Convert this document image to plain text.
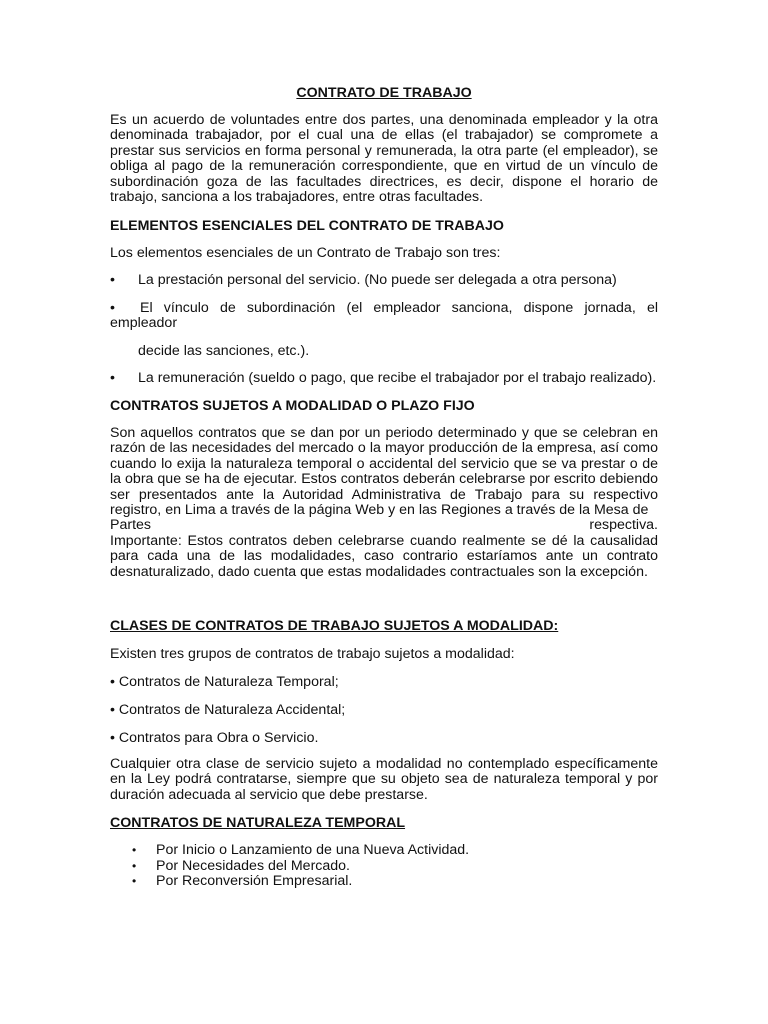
CONTRATO DE TRABAJO

Es un acuerdo de voluntades entre dos partes, una denominada empleador y la otra denominada trabajador, por el cual una de ellas (el trabajador) se compromete a prestar sus servicios en forma personal y remunerada, la otra parte (el empleador), se obliga al pago de la remuneración correspondiente, que en virtud de un vínculo de subordinación goza de las facultades directrices, es decir, dispone el horario de trabajo, sanciona a los trabajadores, entre otras facultades.

ELEMENTOS ESENCIALES DEL CONTRATO DE TRABAJO

Los elementos esenciales de un Contrato de Trabajo son tres:

• La prestación personal del servicio. (No puede ser delegada a otra persona)

•	El vínculo de subordinación (el empleador sanciona, dispone jornada, el
empleador

decide las sanciones, etc.).

• La remuneración (sueldo o pago, que recibe el trabajador por el trabajo realizado).

CONTRATOS SUJETOS A MODALIDAD O PLAZO FIJO

Son aquellos contratos que se dan por un periodo determinado y que se celebran en razón de las necesidades del mercado o la mayor producción de la empresa, así como cuando lo exija la naturaleza temporal o accidental del servicio que se va prestar o de la obra que se ha de ejecutar. Estos contratos deberán celebrarse por escrito debiendo ser presentados ante la Autoridad Administrativa de Trabajo para su respectivo registro, en Lima a través de la página Web y en las Regiones a través de la Mesa de

Partes	respectiva.

Importante: Estos contratos deben celebrarse cuando realmente se dé la causalidad para cada una de las modalidades, caso contrario estaríamos ante un contrato desnaturalizado, dado cuenta que estas modalidades contractuales son la excepción.

CLASES DE CONTRATOS DE TRABAJO SUJETOS A MODALIDAD:

Existen tres grupos de contratos de trabajo sujetos a modalidad:

• Contratos de Naturaleza Temporal;

• Contratos de Naturaleza Accidental;

• Contratos para Obra o Servicio.

Cualquier otra clase de servicio sujeto a modalidad no contemplado específicamente en la Ley podrá contratarse, siempre que su objeto sea de naturaleza temporal y por duración adecuada al servicio que debe prestarse.

CONTRATOS DE NATURALEZA TEMPORAL

•	Por Inicio o Lanzamiento de una Nueva Actividad.
•	Por Necesidades del Mercado.
•	Por Reconversión Empresarial.
